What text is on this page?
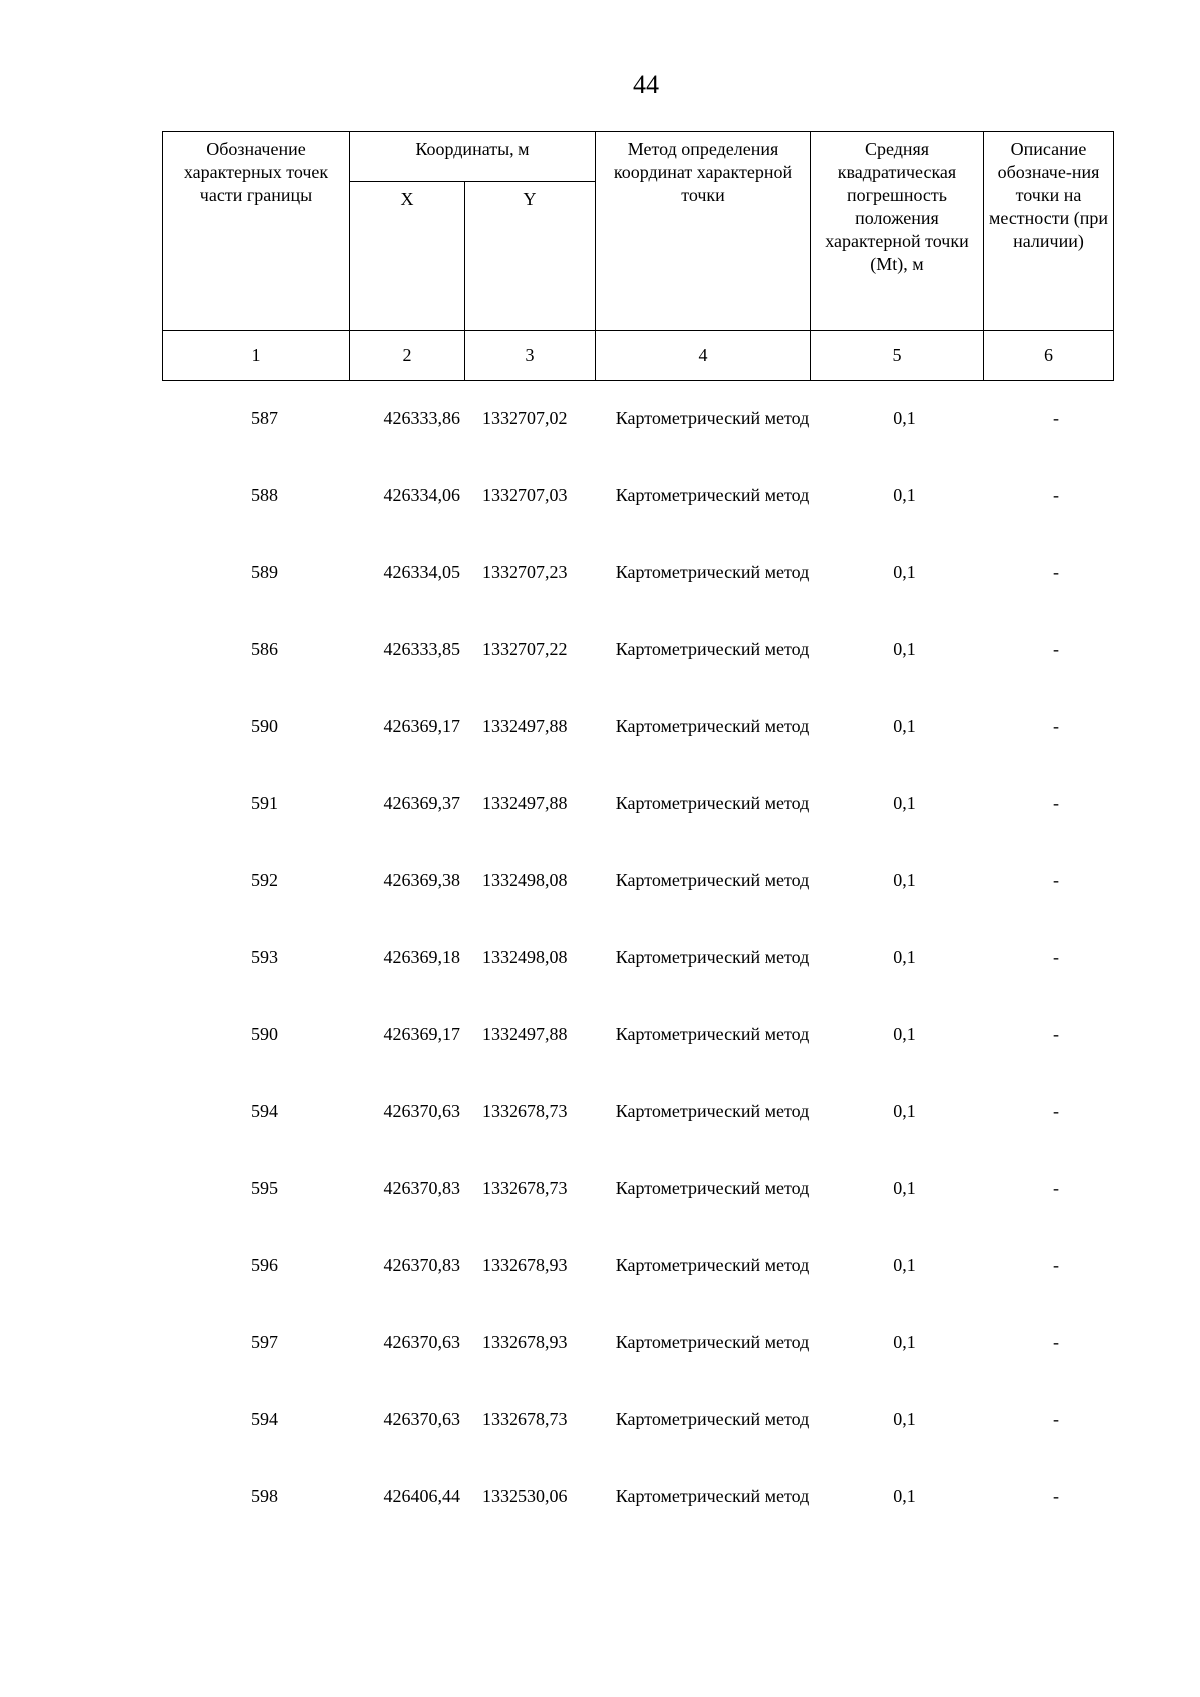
44
Обозначение характерных точек части границы	Координаты, м		Метод определения координат характерной точки	Средняя квадратическая погрешность положения характерной точки (Mt), м	Описание обозначе-ния точки на местности (при наличии)
	X	Y			
1	2	3	4	5	6
587	426333,86	1332707,02	Картометрический метод	0,1	-
588	426334,06	1332707,03	Картометрический метод	0,1	-
589	426334,05	1332707,23	Картометрический метод	0,1	-
586	426333,85	1332707,22	Картометрический метод	0,1	-
590	426369,17	1332497,88	Картометрический метод	0,1	-
591	426369,37	1332497,88	Картометрический метод	0,1	-
592	426369,38	1332498,08	Картометрический метод	0,1	-
593	426369,18	1332498,08	Картометрический метод	0,1	-
590	426369,17	1332497,88	Картометрический метод	0,1	-
594	426370,63	1332678,73	Картометрический метод	0,1	-
595	426370,83	1332678,73	Картометрический метод	0,1	-
596	426370,83	1332678,93	Картометрический метод	0,1	-
597	426370,63	1332678,93	Картометрический метод	0,1	-
594	426370,63	1332678,73	Картометрический метод	0,1	-
598	426406,44	1332530,06	Картометрический метод	0,1	-
